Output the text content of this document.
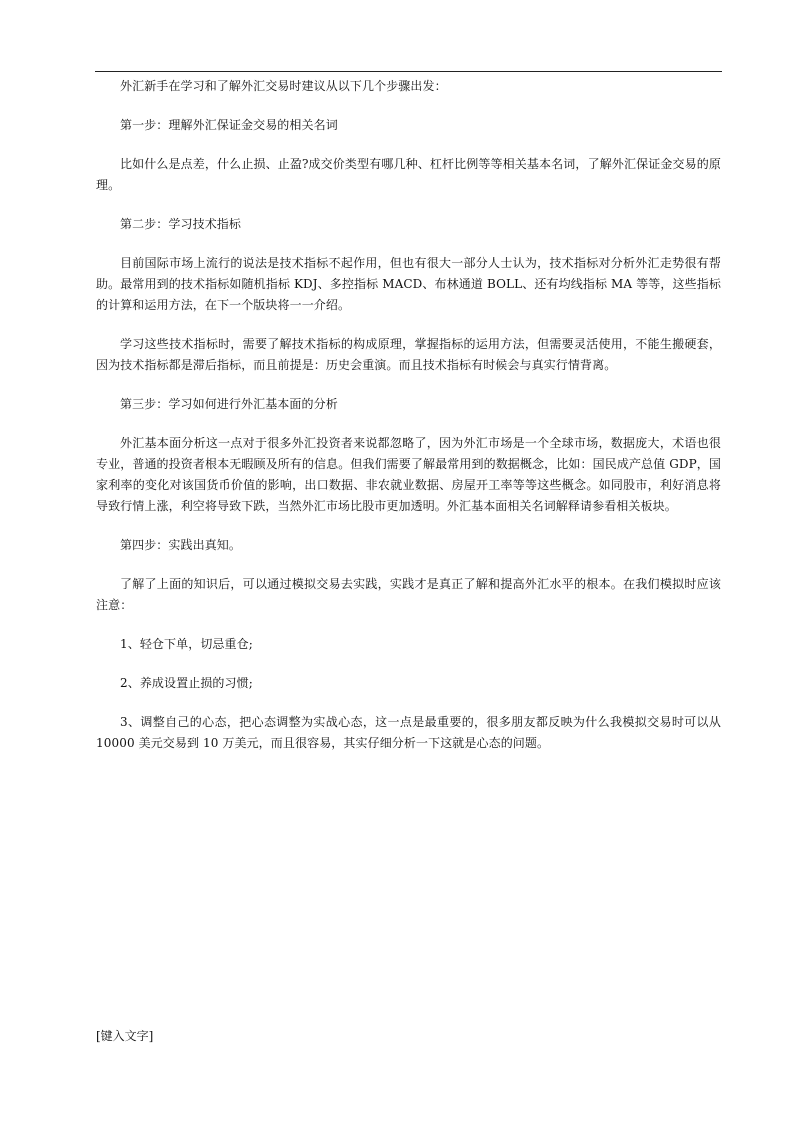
外汇新手在学习和了解外汇交易时建议从以下几个步骤出发：

第一步：理解外汇保证金交易的相关名词

比如什么是点差，什么止损、止盈?成交价类型有哪几种、杠杆比例等等相关基本名词，了解外汇保证金交易的原理。

第二步：学习技术指标

目前国际市场上流行的说法是技术指标不起作用，但也有很大一部分人士认为，技术指标对分析外汇走势很有帮助。最常用到的技术指标如随机指标 KDJ、多控指标 MACD、布林通道 BOLL、还有均线指标 MA 等等，这些指标的计算和运用方法，在下一个版块将一一介绍。

学习这些技术指标时，需要了解技术指标的构成原理，掌握指标的运用方法，但需要灵活使用，不能生搬硬套，因为技术指标都是滞后指标，而且前提是：历史会重演。而且技术指标有时候会与真实行情背离。

第三步：学习如何进行外汇基本面的分析

外汇基本面分析这一点对于很多外汇投资者来说都忽略了，因为外汇市场是一个全球市场，数据庞大，术语也很专业，普通的投资者根本无暇顾及所有的信息。但我们需要了解最常用到的数据概念，比如：国民成产总值 GDP，国家利率的变化对该国货币价值的影响，出口数据、非农就业数据、房屋开工率等等这些概念。如同股市，利好消息将导致行情上涨，利空将导致下跌，当然外汇市场比股市更加透明。外汇基本面相关名词解释请参看相关板块。

第四步：实践出真知。

了解了上面的知识后，可以通过模拟交易去实践，实践才是真正了解和提高外汇水平的根本。在我们模拟时应该注意：

1、轻仓下单，切忌重仓;

2、养成设置止损的习惯;

3、调整自己的心态，把心态调整为实战心态，这一点是最重要的，很多朋友都反映为什么我模拟交易时可以从 10000 美元交易到 10 万美元，而且很容易，其实仔细分析一下这就是心态的问题。

[键入文字]
